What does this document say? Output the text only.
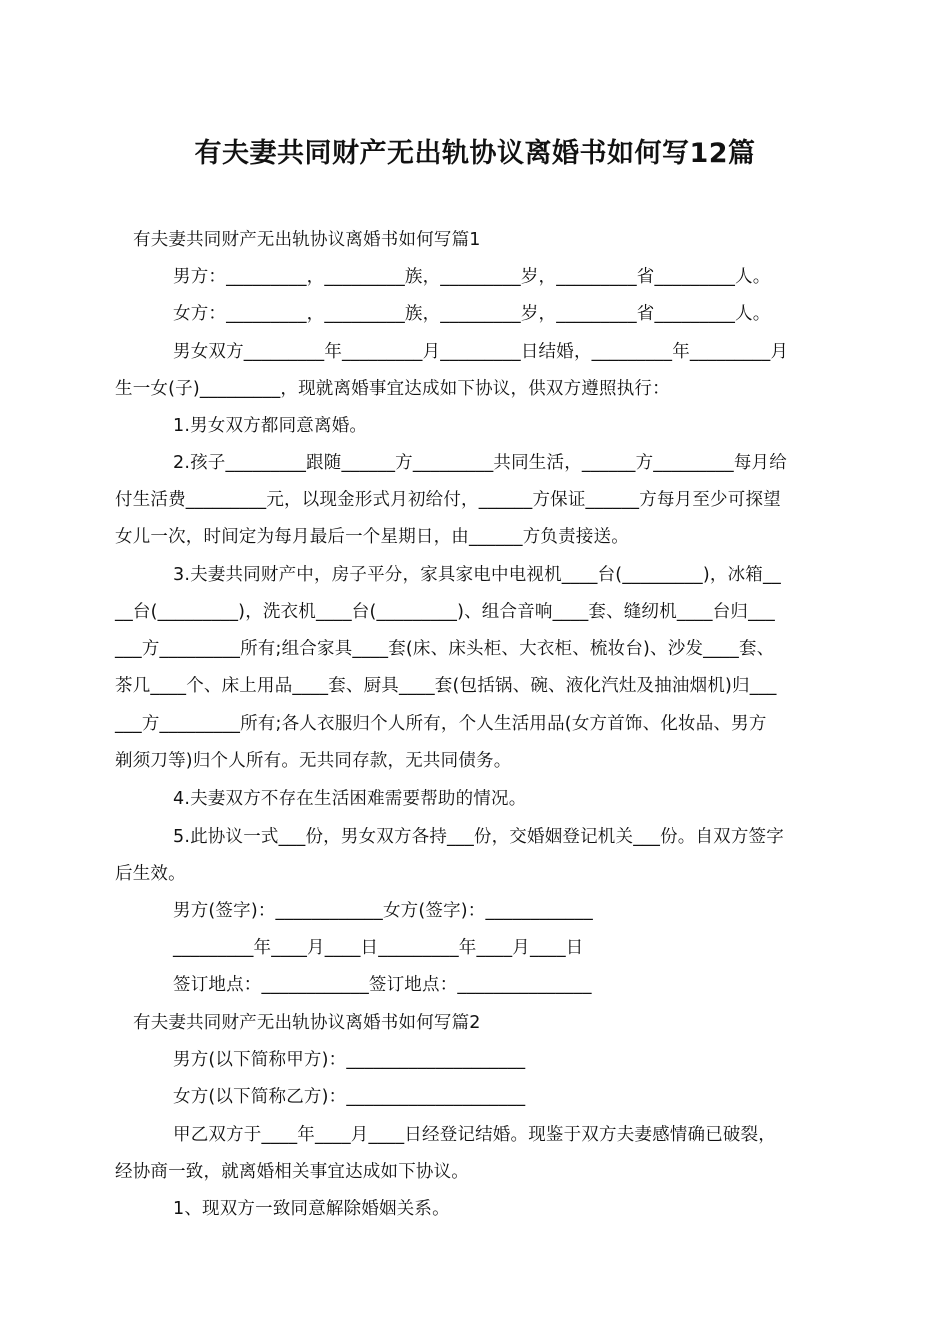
有夫妻共同财产无出轨协议离婚书如何写12篇
有夫妻共同财产无出轨协议离婚书如何写篇1
男方：_________，_________族，_________岁，_________省_________人。
女方：_________，_________族，_________岁，_________省_________人。
男女双方_________年_________月_________日结婚，_________年_________月
生一女(子)_________，现就离婚事宜达成如下协议，供双方遵照执行：
1.男女双方都同意离婚。
2.孩子_________跟随______方_________共同生活，______方_________每月给
付生活费_________元，以现金形式月初给付，______方保证______方每月至少可探望
女儿一次，时间定为每月最后一个星期日，由______方负责接送。
3.夫妻共同财产中，房子平分，家具家电中电视机____台(_________)，冰箱__
__台(_________)，洗衣机____台(_________)、组合音响____套、缝纫机____台归___
___方_________所有;组合家具____套(床、床头柜、大衣柜、梳妆台)、沙发____套、
茶几____个、床上用品____套、厨具____套(包括锅、碗、液化汽灶及抽油烟机)归___
___方_________所有;各人衣服归个人所有，个人生活用品(女方首饰、化妆品、男方
剃须刀等)归个人所有。无共同存款，无共同债务。
4.夫妻双方不存在生活困难需要帮助的情况。
5.此协议一式___份，男女双方各持___份，交婚姻登记机关___份。自双方签字
后生效。
男方(签字)：____________女方(签字)：____________
_________年____月____日_________年____月____日
签订地点：____________签订地点：_______________
有夫妻共同财产无出轨协议离婚书如何写篇2
男方(以下简称甲方)：____________________
女方(以下简称乙方)：____________________
甲乙双方于____年____月____日经登记结婚。现鉴于双方夫妻感情确已破裂，
经协商一致，就离婚相关事宜达成如下协议。
1、现双方一致同意解除婚姻关系。
